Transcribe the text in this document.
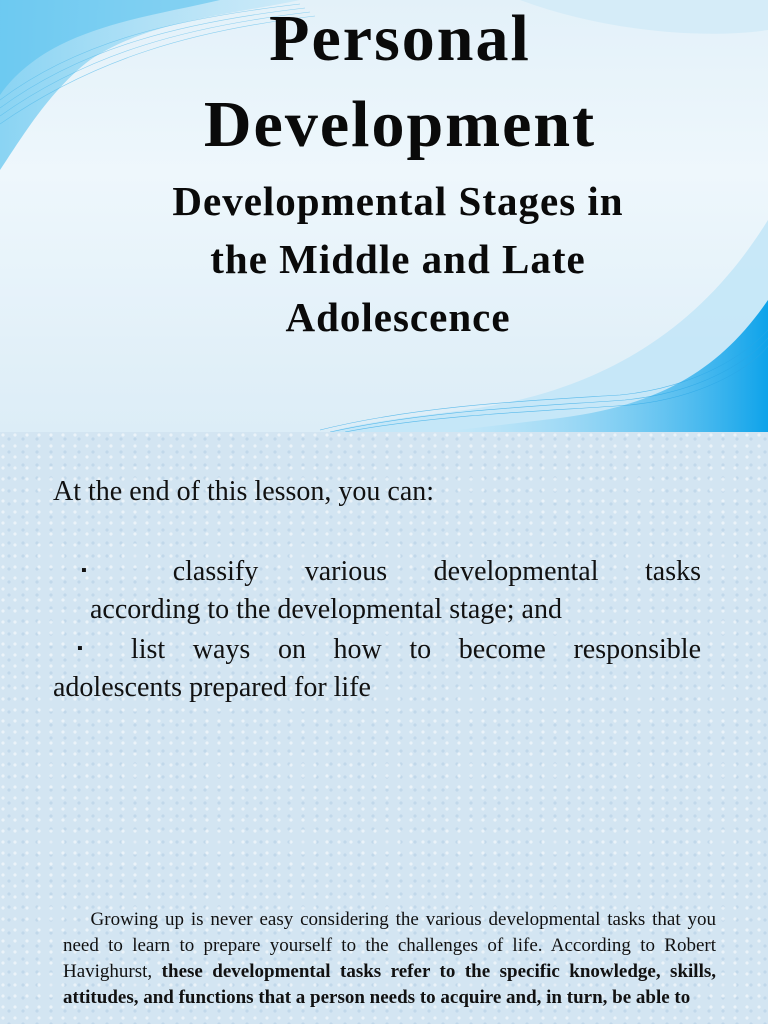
Personal
Development
Developmental Stages in
the Middle and Late
Adolescence

At the end of this lesson, you can:

▪ classify various developmental tasks
according to the developmental stage; and

▪ list ways on how to become responsible
adolescents prepared for life

Growing up is never easy considering the various developmental tasks that you need to learn to prepare yourself to the challenges of life. According to Robert Havighurst, these developmental tasks refer to the specific knowledge, skills, attitudes, and functions that a person needs to acquire and, in turn, be able to
